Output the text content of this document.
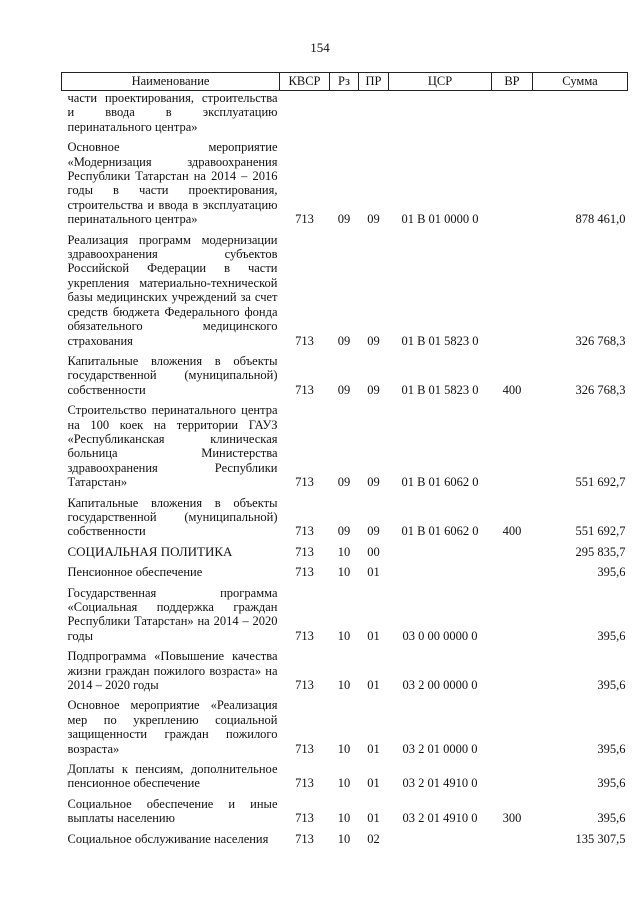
154
Наименование	КВСР	Рз	ПР	ЦСР	ВР	Сумма
части проектирования, строительства и ввода в эксплуатацию перинатального центра»						
Основное мероприятие «Модернизация здравоохранения Республики Татарстан на 2014 – 2016 годы в части проектирования, строительства и ввода в эксплуатацию перинатального центра»	713	09	09	01 В 01 0000 0		878 461,0
Реализация программ модернизации здравоохранения субъектов Российской Федерации в части укрепления материально-технической базы медицинских учреждений за счет средств бюджета Федерального фонда обязательного медицинского страхования	713	09	09	01 В 01 5823 0		326 768,3
Капитальные вложения в объекты государственной (муниципальной) собственности	713	09	09	01 В 01 5823 0	400	326 768,3
Строительство перинатального центра на 100 коек на территории ГАУЗ «Республиканская клиническая больница Министерства здравоохранения Республики Татарстан»	713	09	09	01 В 01 6062 0		551 692,7
Капитальные вложения в объекты государственной (муниципальной) собственности	713	09	09	01 В 01 6062 0	400	551 692,7
СОЦИАЛЬНАЯ ПОЛИТИКА	713	10	00			295 835,7
Пенсионное обеспечение	713	10	01			395,6
Государственная программа «Социальная поддержка граждан Республики Татарстан» на 2014 – 2020 годы	713	10	01	03 0 00 0000 0		395,6
Подпрограмма «Повышение качества жизни граждан пожилого возраста» на 2014 – 2020 годы	713	10	01	03 2 00 0000 0		395,6
Основное мероприятие «Реализация мер по укреплению социальной защищенности граждан пожилого возраста»	713	10	01	03 2 01 0000 0		395,6
Доплаты к пенсиям, дополнительное пенсионное обеспечение	713	10	01	03 2 01 4910 0		395,6
Социальное обеспечение и иные выплаты населению	713	10	01	03 2 01 4910 0	300	395,6
Социальное обслуживание населения	713	10	02			135 307,5
